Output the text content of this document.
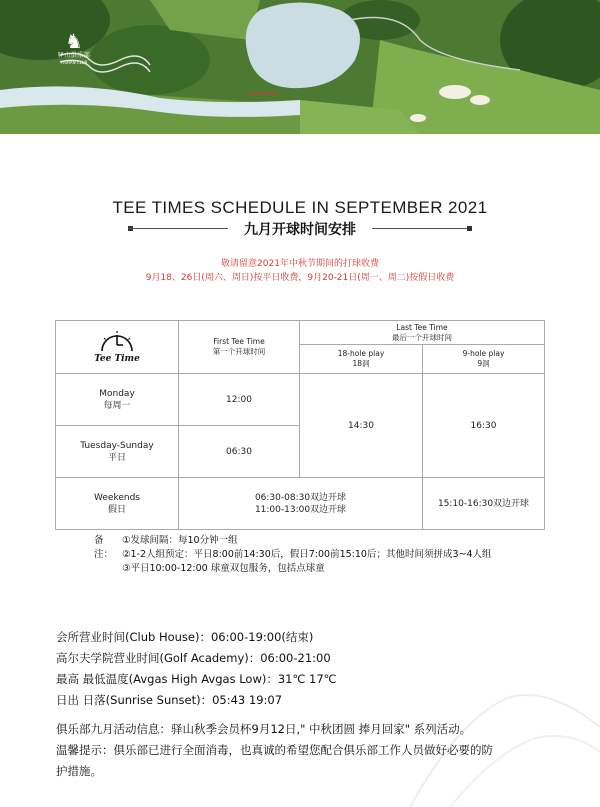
♞
驿山俱乐部
YISHAN CLUB
TEE TIMES SCHEDULE IN SEPTEMBER 2021
九月开球时间安排
敬请留意2021年中秋节期间的打球收费
9月18、26日(周六、周日)按平日收费，9月20-21日(周一、周二)按假日收费
Tee Time
First Tee Time
第一个开球时间
Last Tee Time
最后一个开球时间
18-hole play
18洞
9-hole play
9洞
Monday
每周一
12:00
Tuesday-Sunday
平日
06:30
14:30	16:30
Weekends
假日
06:30-08:30双边开球
11:00-13:00双边开球
15:10-16:30双边开球
备注：
①发球间隔：每10分钟一组
②1-2人组预定：平日8:00前14:30后，假日7:00前15:10后；其他时间须拼成3~4人组
③平日10:00-12:00 球童双包服务，包括点球童
会所营业时间(Club House)：06:00-19:00(结束)
高尔夫学院营业时间(Golf Academy)：06:00-21:00
最高 最低温度(Avgas High Avgas Low)：31℃ 17℃
日出 日落(Sunrise Sunset)：05:43 19:07
俱乐部九月活动信息：驿山秋季会员杯9月12日," 中秋团圆 捧月回家" 系列活动。
温馨提示：俱乐部已进行全面消毒，也真诚的希望您配合俱乐部工作人员做好必要的防
护措施。
